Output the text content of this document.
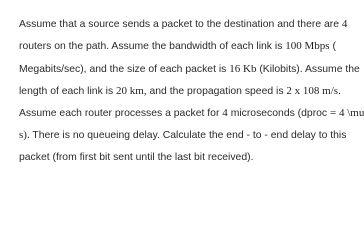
Assume that a source sends a packet to the destination and there are 4
routers on the path. Assume the bandwidth of each link is 100 Mbps (
Megabits/sec), and the size of each packet is 16 Kb (Kilobits). Assume the
length of each link is 20 km, and the propagation speed is 2 x 108 m/s.
Assume each router processes a packet for 4 microseconds (dproc = 4 \mu
s). There is no queueing delay. Calculate the end - to - end delay to this
packet (from first bit sent until the last bit received).
